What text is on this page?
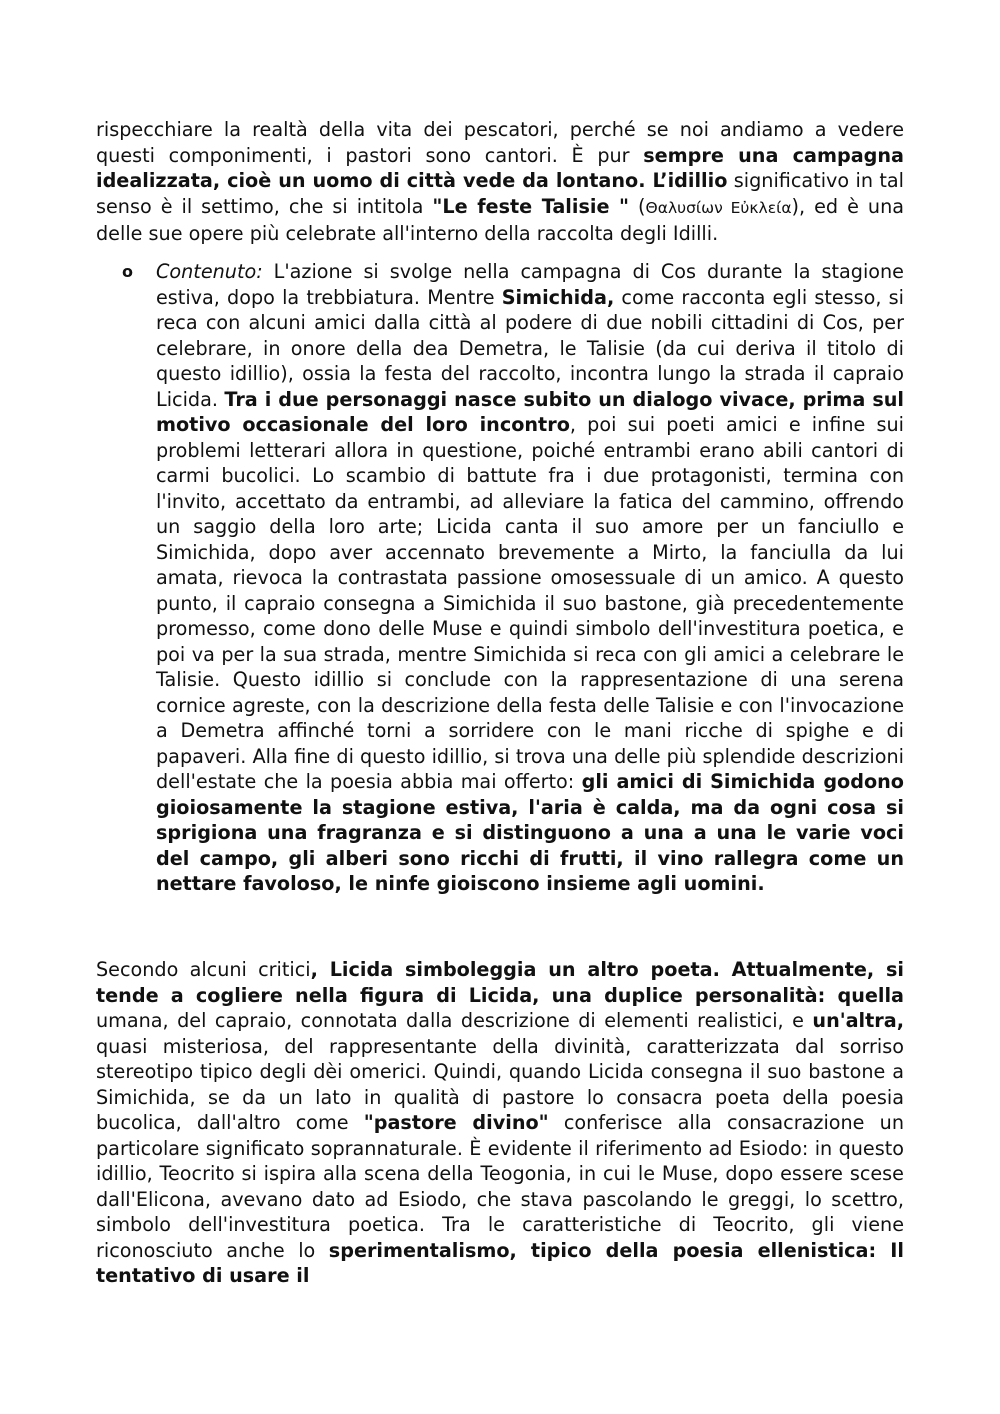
rispecchiare la realtà della vita dei pescatori, perché se noi andiamo a vedere questi componimenti, i pastori sono cantori. È pur sempre una campagna idealizzata, cioè un uomo di città vede da lontano. L’idillio significativo in tal senso è il settimo, che si intitola "Le feste Talisie " (Θαλυσίων Εὐκλεία), ed è una delle sue opere più celebrate all'interno della raccolta degli Idilli.

o	Contenuto: L'azione si svolge nella campagna di Cos durante la stagione estiva, dopo la trebbiatura. Mentre Simichida, come racconta egli stesso, si reca con alcuni amici dalla città al podere di due nobili cittadini di Cos, per celebrare, in onore della dea Demetra, le Talisie (da cui deriva il titolo di questo idillio), ossia la festa del raccolto, incontra lungo la strada il capraio Licida. Tra i due personaggi nasce subito un dialogo vivace, prima sul motivo occasionale del loro incontro, poi sui poeti amici e infine sui problemi letterari allora in questione, poiché entrambi erano abili cantori di carmi bucolici. Lo scambio di battute fra i due protagonisti, termina con l'invito, accettato da entrambi, ad alleviare la fatica del cammino, offrendo un saggio della loro arte; Licida canta il suo amore per un fanciullo e Simichida, dopo aver accennato brevemente a Mirto, la fanciulla da lui amata, rievoca la contrastata passione omosessuale di un amico. A questo punto, il capraio consegna a Simichida il suo bastone, già precedentemente promesso, come dono delle Muse e quindi simbolo dell'investitura poetica, e poi va per la sua strada, mentre Simichida si reca con gli amici a celebrare le Talisie. Questo idillio si conclude con la rappresentazione di una serena cornice agreste, con la descrizione della festa delle Talisie e con l'invocazione a Demetra affinché torni a sorridere con le mani ricche di spighe e di papaveri. Alla fine di questo idillio, si trova una delle più splendide descrizioni dell'estate che la poesia abbia mai offerto: gli amici di Simichida godono gioiosamente la stagione estiva, l'aria è calda, ma da ogni cosa si sprigiona una fragranza e si distinguono a una a una le varie voci del campo, gli alberi sono ricchi di frutti, il vino rallegra come un nettare favoloso, le ninfe gioiscono insieme agli uomini.

Secondo alcuni critici, Licida simboleggia un altro poeta. Attualmente, si tende a cogliere nella figura di Licida, una duplice personalità: quella umana, del capraio, connotata dalla descrizione di elementi realistici, e un'altra, quasi misteriosa, del rappresentante della divinità, caratterizzata dal sorriso stereotipo tipico degli dèi omerici. Quindi, quando Licida consegna il suo bastone a Simichida, se da un lato in qualità di pastore lo consacra poeta della poesia bucolica, dall'altro come "pastore divino" conferisce alla consacrazione un particolare significato soprannaturale. È evidente il riferimento ad Esiodo: in questo idillio, Teocrito si ispira alla scena della Teogonia, in cui le Muse, dopo essere scese dall'Elicona, avevano dato ad Esiodo, che stava pascolando le greggi, lo scettro, simbolo dell'investitura poetica. Tra le caratteristiche di Teocrito, gli viene riconosciuto anche lo sperimentalismo, tipico della poesia ellenistica: Il tentativo di usare il
